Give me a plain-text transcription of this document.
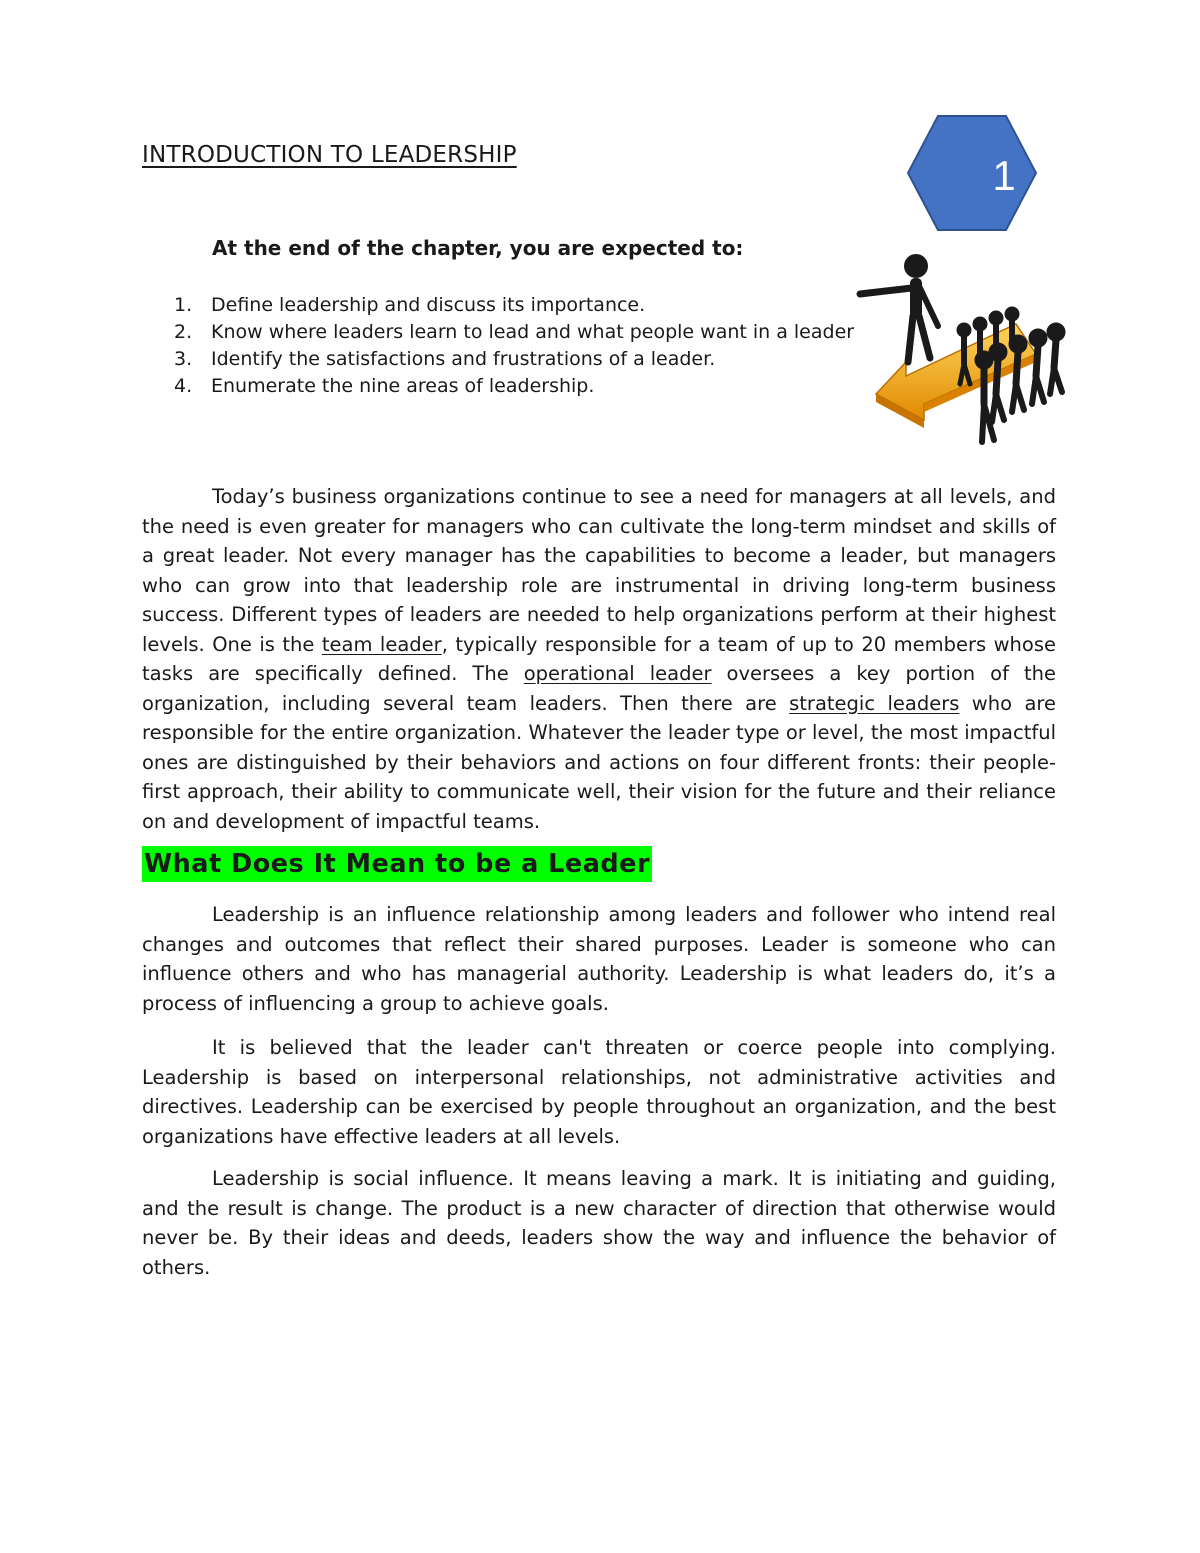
INTRODUCTION TO LEADERSHIP	1
At the end of the chapter, you are expected to:
1. Define leadership and discuss its importance.
2. Know where leaders learn to lead and what people want in a leader
3. Identify the satisfactions and frustrations of a leader.
4. Enumerate the nine areas of leadership.

Today’s business organizations continue to see a need for managers at all levels, and the need is even greater for managers who can cultivate the long-term mindset and skills of a great leader. Not every manager has the capabilities to become a leader, but managers who can grow into that leadership role are instrumental in driving long-term business success. Different types of leaders are needed to help organizations perform at their highest levels. One is the team leader, typically responsible for a team of up to 20 members whose tasks are specifically defined. The operational leader oversees a key portion of the organization, including several team leaders. Then there are strategic leaders who are responsible for the entire organization. Whatever the leader type or level, the most impactful ones are distinguished by their behaviors and actions on four different fronts: their people-first approach, their ability to communicate well, their vision for the future and their reliance on and development of impactful teams.

What Does It Mean to be a Leader

Leadership is an influence relationship among leaders and follower who intend real changes and outcomes that reflect their shared purposes. Leader is someone who can influence others and who has managerial authority. Leadership is what leaders do, it’s a process of influencing a group to achieve goals.

It is believed that the leader can't threaten or coerce people into complying. Leadership is based on interpersonal relationships, not administrative activities and directives. Leadership can be exercised by people throughout an organization, and the best organizations have effective leaders at all levels.

Leadership is social influence. It means leaving a mark. It is initiating and guiding, and the result is change. The product is a new character of direction that otherwise would never be. By their ideas and deeds, leaders show the way and influence the behavior of others.
